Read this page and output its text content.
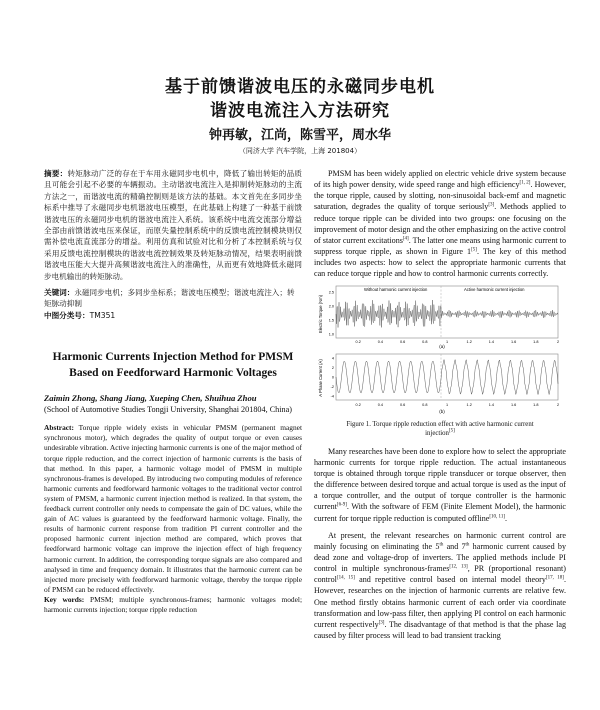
基于前馈谐波电压的永磁同步电机
谐波电流注入方法研究
钟再敏，江尚，陈雪平，周水华
（同济大学 汽车学院，上海 201804）
摘要：转矩脉动广泛的存在于车用永磁同步电机中，降低了输出转矩的品质且可能会引起不必要的车辆振动。主动谐波电流注入是抑制转矩脉动的主流方法之一，而谐波电流的精确控制则是该方法的基础。本文首先在多同步坐标系中推导了永磁同步电机谐波电压模型，在此基础上构建了一种基于前馈谐波电压的永磁同步电机的谐波电流注入系统。该系统中电流交流部分增益全部由前馈谐波电压来保证，而原失量控制系统中的反馈电流控制模块则仅需补偿电流直流部分的增益。利用仿真和试验对比和分析了本控制系统与仅采用反馈电流控制模块的谐波电流控制效果及转矩脉动情况，结果表明前馈谐波电压能大大提升高频谐波电流注入的准确性，从而更有效地降低永磁同步电机输出的转矩脉动。
关键词：永磁同步电机；多同步坐标系；谐波电压模型；谐波电流注入；转矩脉动抑制
中图分类号：TM351
Harmonic Currents Injection Method for PMSM Based on Feedforward Harmonic Voltages
Zaimin Zhong, Shang Jiang, Xueping Chen, Shuihua Zhou
(School of Automotive Studies Tongji University, Shanghai 201804, China)
Abstract: Torque ripple widely exists in vehicular PMSM (permanent magnet synchronous motor), which degrades the quality of output torque or even causes undesirable vibration. Active injecting harmonic currents is one of the major method of torque ripple reduction, and the correct injection of harmonic currents is the basis of that method. In this paper, a harmonic voltage model of PMSM in multiple synchronous-frames is developed. By introducing two computing modules of reference harmonic currents and feedforward harmonic voltages to the traditional vector control system of PMSM, a harmonic current injection method is realized. In that system, the feedback current controller only needs to compensate the gain of DC values, while the gain of AC values is guaranteed by the feedforward harmonic voltage. Finally, the results of harmonic current response from tradition PI current controller and the proposed harmonic current injection method are compared, which proves that feedforward harmonic voltage can improve the injection effect of high frequency harmonic current. In addition, the corresponding torque signals are also compared and analysed in time and frequency domain. It illustrates that the harmonic current can be injected more precisely with feedforward harmonic voltage, thereby the torque ripple of PMSM can be reduced effectively.
Key words: PMSM; multiple synchronous-frames; harmonic voltages model; harmonic currents injection; torque ripple reduction

PMSM has been widely applied on electric vehicle drive system because of its high power density, wide speed range and high efficiency[1, 2]. However, the torque ripple, caused by slotting, non-sinusoidal back-emf and magnetic saturation, degrades the quality of torque seriously[3]. Methods applied to reduce torque ripple can be divided into two groups: one focusing on the improvement of motor design and the other emphasizing on the active control of stator current excitations[4]. The latter one means using harmonic current to suppress torque ripple, as shown in Figure 1[5]. The key of this method includes two aspects: how to select the appropriate harmonic currents that can reduce torque ripple and how to control harmonic currents correctly.

Without harmonic current injection	Active harmonic current injection
0.2	0.4	0.6	0.8	1	1.2	1.4	1.6	1.8	2
2.5
2.0
1.5
1.0
(a)
Electric Torque (Nm)
0.2	0.4	0.6	0.8	1	1.2	1.4	1.6	1.8	2
4
2
0
-2
-4
(b)
A Phase Current (A)
Figure 1. Torque ripple reduction effect with active harmonic current injection[5]

Many researches have been done to explore how to select the appropriate harmonic currents for torque ripple reduction. The actual instantaneous torque is obtained through torque ripple transducer or torque observer, then the difference between desired torque and actual torque is used as the input of a torque controller, and the output of torque controller is the harmonic current[6-9]. With the software of FEM (Finite Element Model), the harmonic current for torque ripple reduction is computed offline[10, 11].

At present, the relevant researches on harmonic current control are mainly focusing on eliminating the 5th and 7th harmonic current caused by dead zone and voltage-drop of inverters. The applied methods include PI control in multiple synchronous-frames[12, 13], PR (proportional resonant) control[14, 15] and repetitive control based on internal model theory[17, 18]. However, researches on the injection of harmonic currents are relative few. One method firstly obtains harmonic current of each order via coordinate transformation and low-pass filter, then applying PI control on each harmonic current respectively[3]. The disadvantage of that method is that the phase lag caused by filter process will lead to bad transient tracking
